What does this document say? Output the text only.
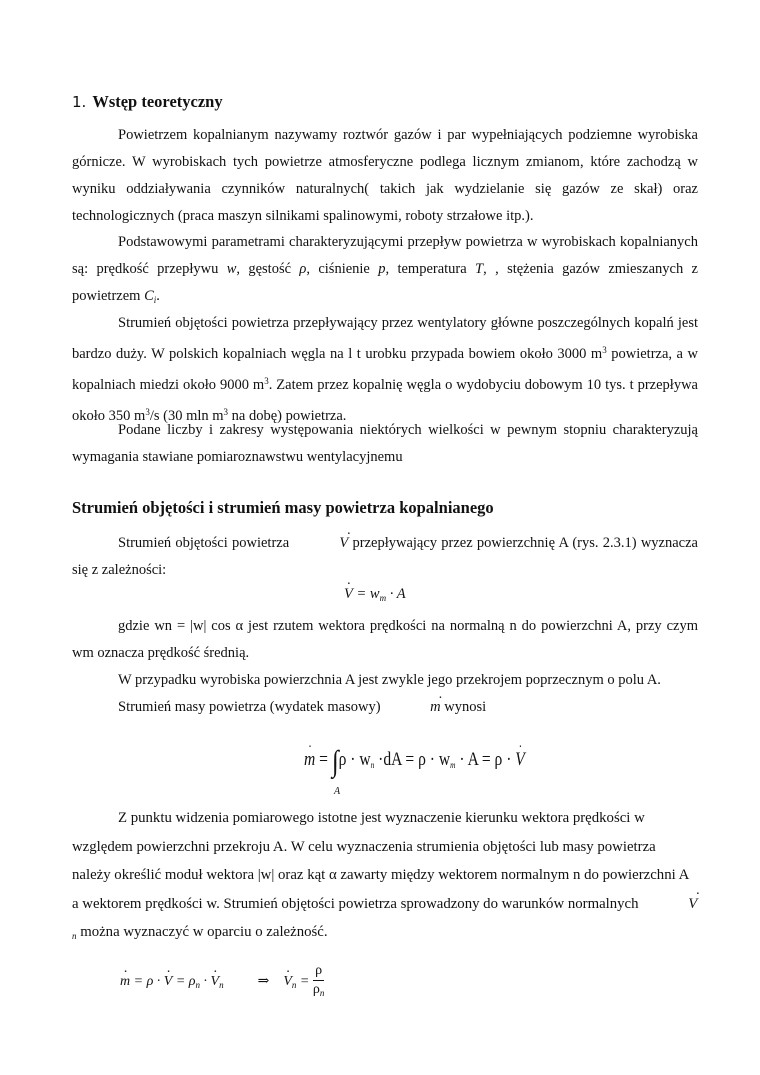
1. Wstęp teoretyczny
Powietrzem kopalnianym nazywamy roztwór gazów i par wypełniających podziemne wyrobiska górnicze. W wyrobiskach tych powietrze atmosferyczne podlega licznym zmianom, które zachodzą w wyniku oddziaływania czynników naturalnych( takich jak wydzielanie się gazów ze skał) oraz technologicznych (praca maszyn silnikami spalinowymi, roboty strzałowe itp.).
Podstawowymi parametrami charakteryzującymi przepływ powietrza w wyrobiskach kopalnianych są: prędkość przepływu w, gęstość ρ, ciśnienie p, temperatura T, , stężenia gazów zmieszanych z powietrzem $C_i$.
Strumień objętości powietrza przepływający przez wentylatory główne poszczególnych kopalń jest bardzo duży. W polskich kopalniach węgla na l t urobku przypada bowiem około 3000 $m^3$ powietrza, a w kopalniach miedzi około 9000 $m^3$. Zatem przez kopalnię węgla o wydobyciu dobowym 10 tys. t przepływa około 350 $m^3/s$ (30 mln $m^3$ na dobę) powietrza.
Podane liczby i zakresy występowania niektórych wielkości w pewnym stopniu charakteryzują wymagania stawiane pomiaroznawstwu wentylacyjnemu
Strumień objętości i strumień masy powietrza kopalnianego
Strumień objętości powietrza	· V przepływający przez powierzchnię A (rys. 2.3.1) wyznacza się z zależności:
· $V = w_m \cdot A$
gdzie wn = |w| cos α jest rzutem wektora prędkości na normalną n do powierzchni A, przy czym wm oznacza prędkość średnią.
W przypadku wyrobiska powierzchnia A jest zwykle jego przekrojem poprzecznym o polu A.
Strumień masy powietrza (wydatek masowy)	· m wynosi
· $m = \int\rho \cdot w_n \cdot dA = \rho \cdot w_m \cdot A = \rho$ · · V
A
Z punktu widzenia pomiarowego istotne jest wyznaczenie kierunku wektora prędkości w względem powierzchni przekroju A. W celu wyznaczenia strumienia objętości lub masy powietrza należy określić moduł wektora |w| oraz kąt α zawarty między wektorem normalnym n do powierzchni A a wektorem prędkości w. Strumień objętości powietrza sprowadzony do warunków normalnych	· $V_n$ można wyznaczyć w oparciu o zależność.
· m = ρ · · $V = \rho_n$ · · $V_n$ ⇒ · $V_n = \frac{\rho}{\rho_n}$
